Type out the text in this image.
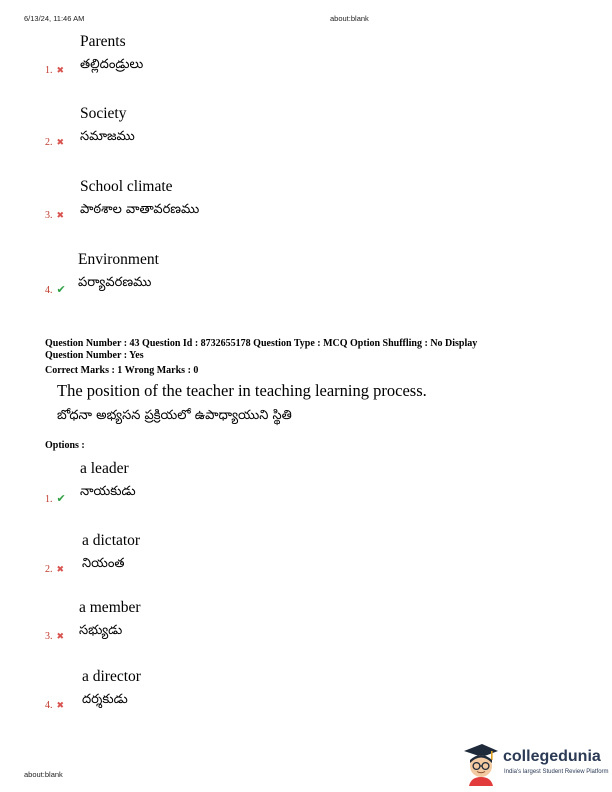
6/13/24, 11:46 AM	about:blank
Parents
తల్లిదండ్రులు
1. ✖
Society
సమాజము
2. ✖
School climate
పాఠశాల వాతావరణము
3. ✖
Environment
పర్యావరణము
4. ✔
Question Number : 43 Question Id : 8732655178 Question Type : MCQ Option Shuffling : No Display
Question Number : Yes
Correct Marks : 1 Wrong Marks : 0
The position of the teacher in teaching learning process.
బోధనా అభ్యసన ప్రక్రియలో ఉపాధ్యాయుని స్థితి
Options :
a leader
నాయకుడు
1. ✔
a dictator
నియంత
2. ✖
a member
సభ్యుడు
3. ✖
a director
దర్శకుడు
4. ✖
about:blank
collegedunia
India's largest Student Review Platform
